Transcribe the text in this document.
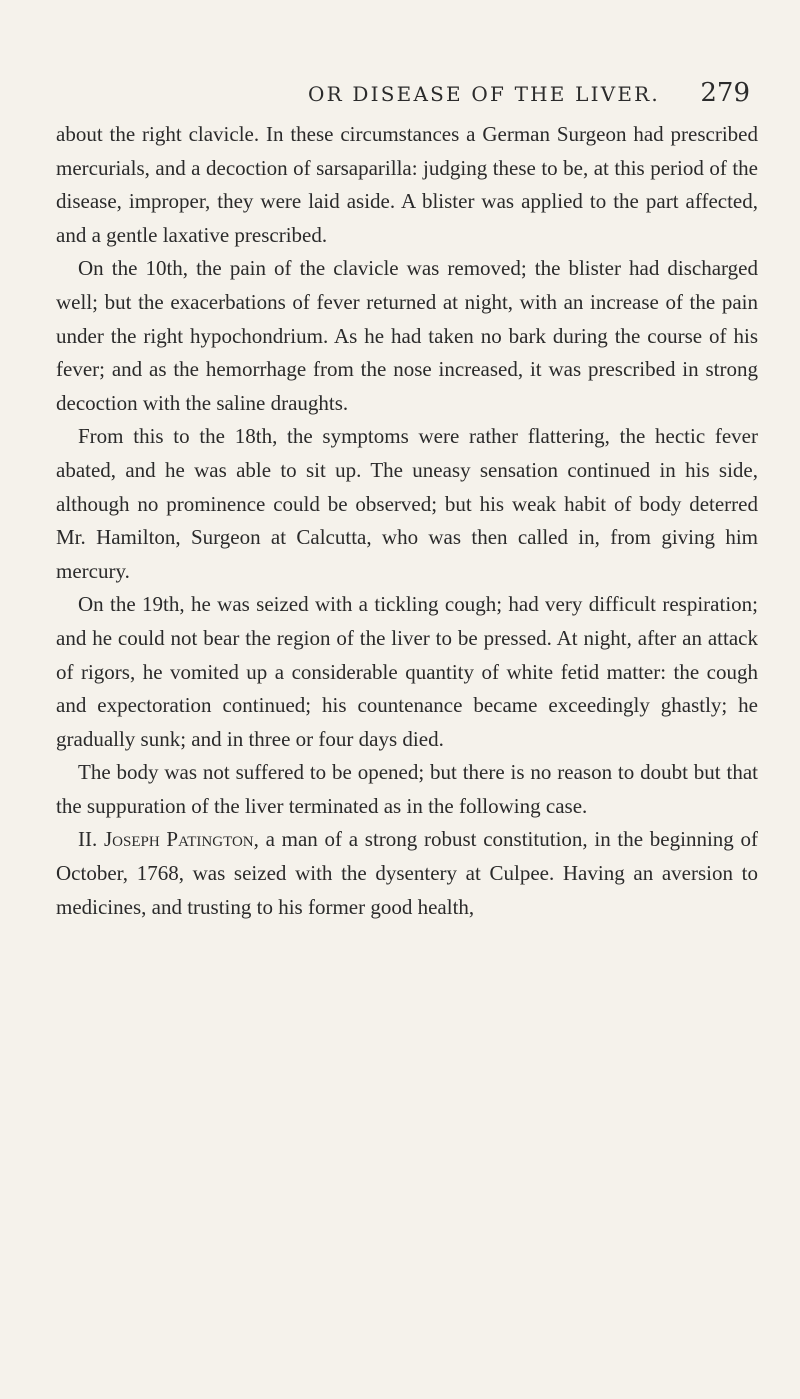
OR DISEASE OF THE LIVER. 279

about the right clavicle. In these circumstances a German Surgeon had prescribed mercurials, and a decoction of sarsaparilla: judging these to be, at this period of the disease, improper, they were laid aside. A blister was applied to the part affected, and a gentle laxative prescribed.

On the 10th, the pain of the clavicle was removed; the blister had discharged well; but the exacerbations of fever returned at night, with an increase of the pain under the right hypochondrium. As he had taken no bark during the course of his fever; and as the hemorrhage from the nose increased, it was prescribed in strong decoction with the saline draughts.

From this to the 18th, the symptoms were rather flattering, the hectic fever abated, and he was able to sit up. The uneasy sensation continued in his side, although no prominence could be observed; but his weak habit of body deterred Mr. Hamilton, Surgeon at Calcutta, who was then called in, from giving him mercury.

On the 19th, he was seized with a tickling cough; had very difficult respiration; and he could not bear the region of the liver to be pressed. At night, after an attack of rigors, he vomited up a considerable quantity of white fetid matter: the cough and expectoration continued; his countenance became exceedingly ghastly; he gradually sunk; and in three or four days died.

The body was not suffered to be opened; but there is no reason to doubt but that the suppuration of the liver terminated as in the following case.

II. Joseph Patington, a man of a strong robust constitution, in the beginning of October, 1768, was seized with the dysentery at Culpee. Having an aversion to medicines, and trusting to his former good health,
